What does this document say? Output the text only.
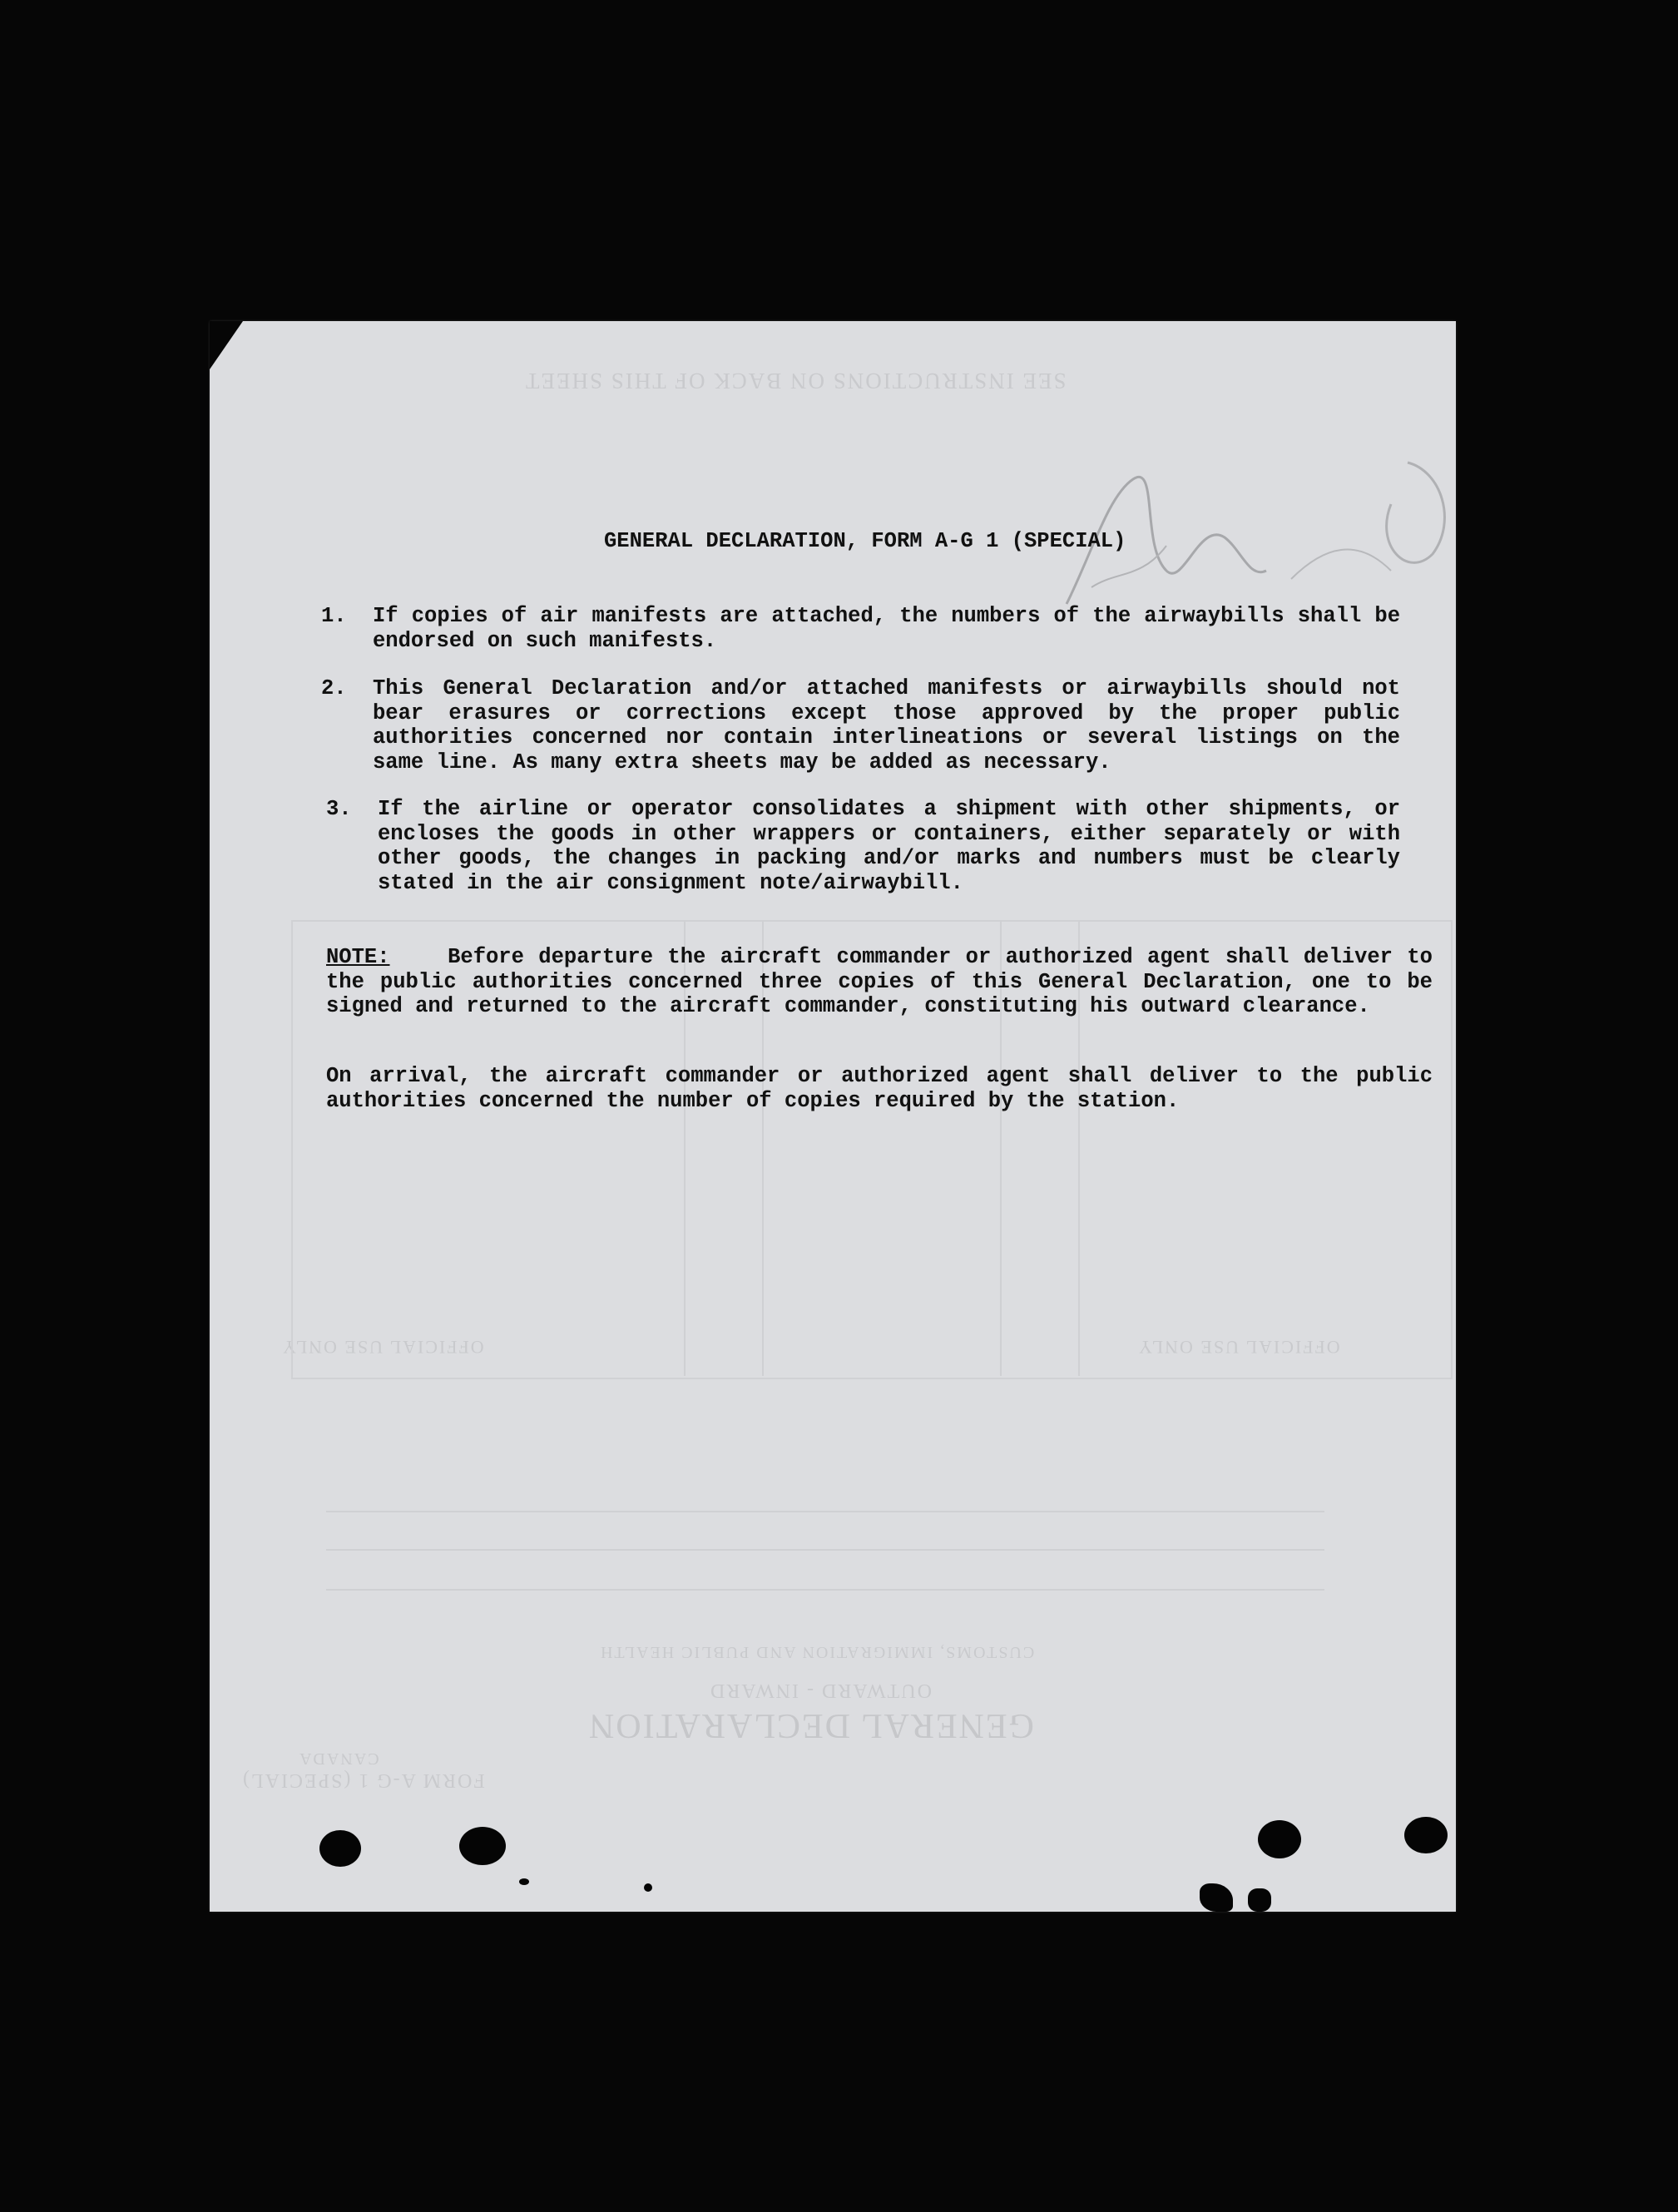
SEE INSTRUCTIONS ON BACK OF THIS SHEET
OFFICIAL USE ONLY	OFFICIAL USE ONLY
CUSTOMS, IMMIGRATION AND PUBLIC HEALTH
OUTWARD - INWARD
GENERAL DECLARATION
CANADA
FORM A-G 1 (SPECIAL)
GENERAL DECLARATION, FORM A-G 1 (SPECIAL)
1.	If copies of air manifests are attached, the numbers of the airwaybills shall be endorsed on such manifests.
2.	This General Declaration and/or attached manifests or airwaybills should not bear erasures or corrections except those approved by the proper public authorities concerned nor contain interlineations or several listings on the same line. As many extra sheets may be added as necessary.
3.	If the airline or operator consolidates a shipment with other shipments, or encloses the goods in other wrappers or containers, either separately or with other goods, the changes in packing and/or marks and numbers must be clearly stated in the air consignment note/airwaybill.
NOTE:	Before departure the aircraft commander or authorized agent shall deliver to the public authorities concerned three copies of this General Declaration, one to be signed and returned to the aircraft commander, constituting his outward clearance.
On arrival, the aircraft commander or authorized agent shall deliver to the public authorities concerned the number of copies required by the station.
